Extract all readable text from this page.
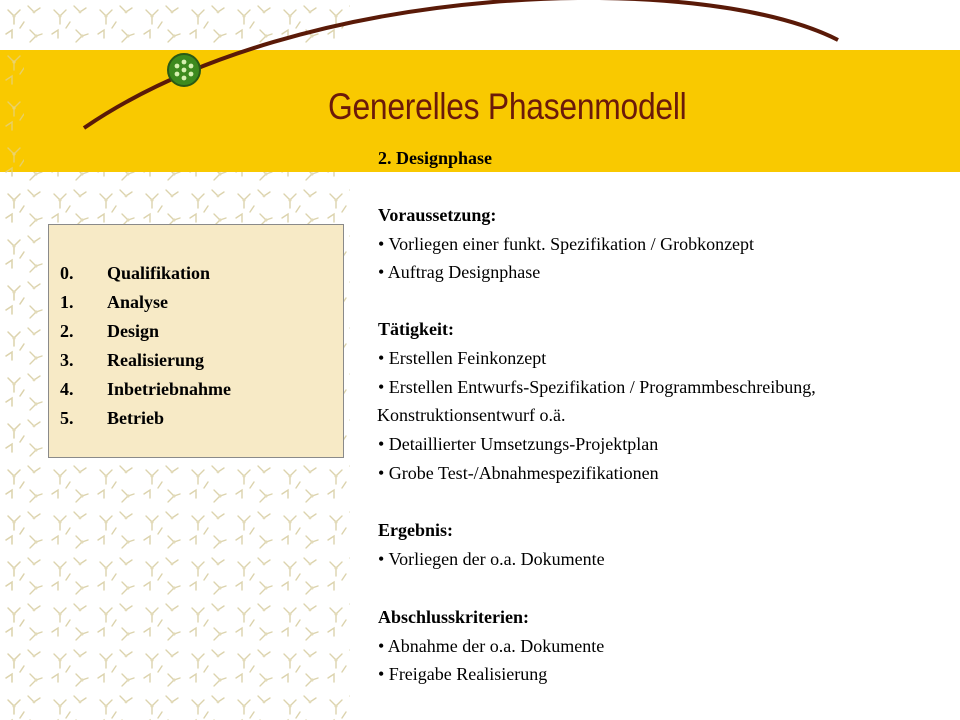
Generelles Phasenmodell
0. Qualifikation
1. Analyse
2. Design
3. Realisierung
4. Inbetriebnahme
5. Betrieb
2. Designphase
Voraussetzung:
• Vorliegen einer funkt. Spezifikation / Grobkonzept
• Auftrag Designphase
Tätigkeit:
• Erstellen Feinkonzept
• Erstellen Entwurfs-Spezifikation / Programmbeschreibung,
Konstruktionsentwurf o.ä.
• Detaillierter Umsetzungs-Projektplan
• Grobe Test-/Abnahmespezifikationen
Ergebnis:
• Vorliegen der o.a. Dokumente
Abschlusskriterien:
• Abnahme der o.a. Dokumente
• Freigabe Realisierung
